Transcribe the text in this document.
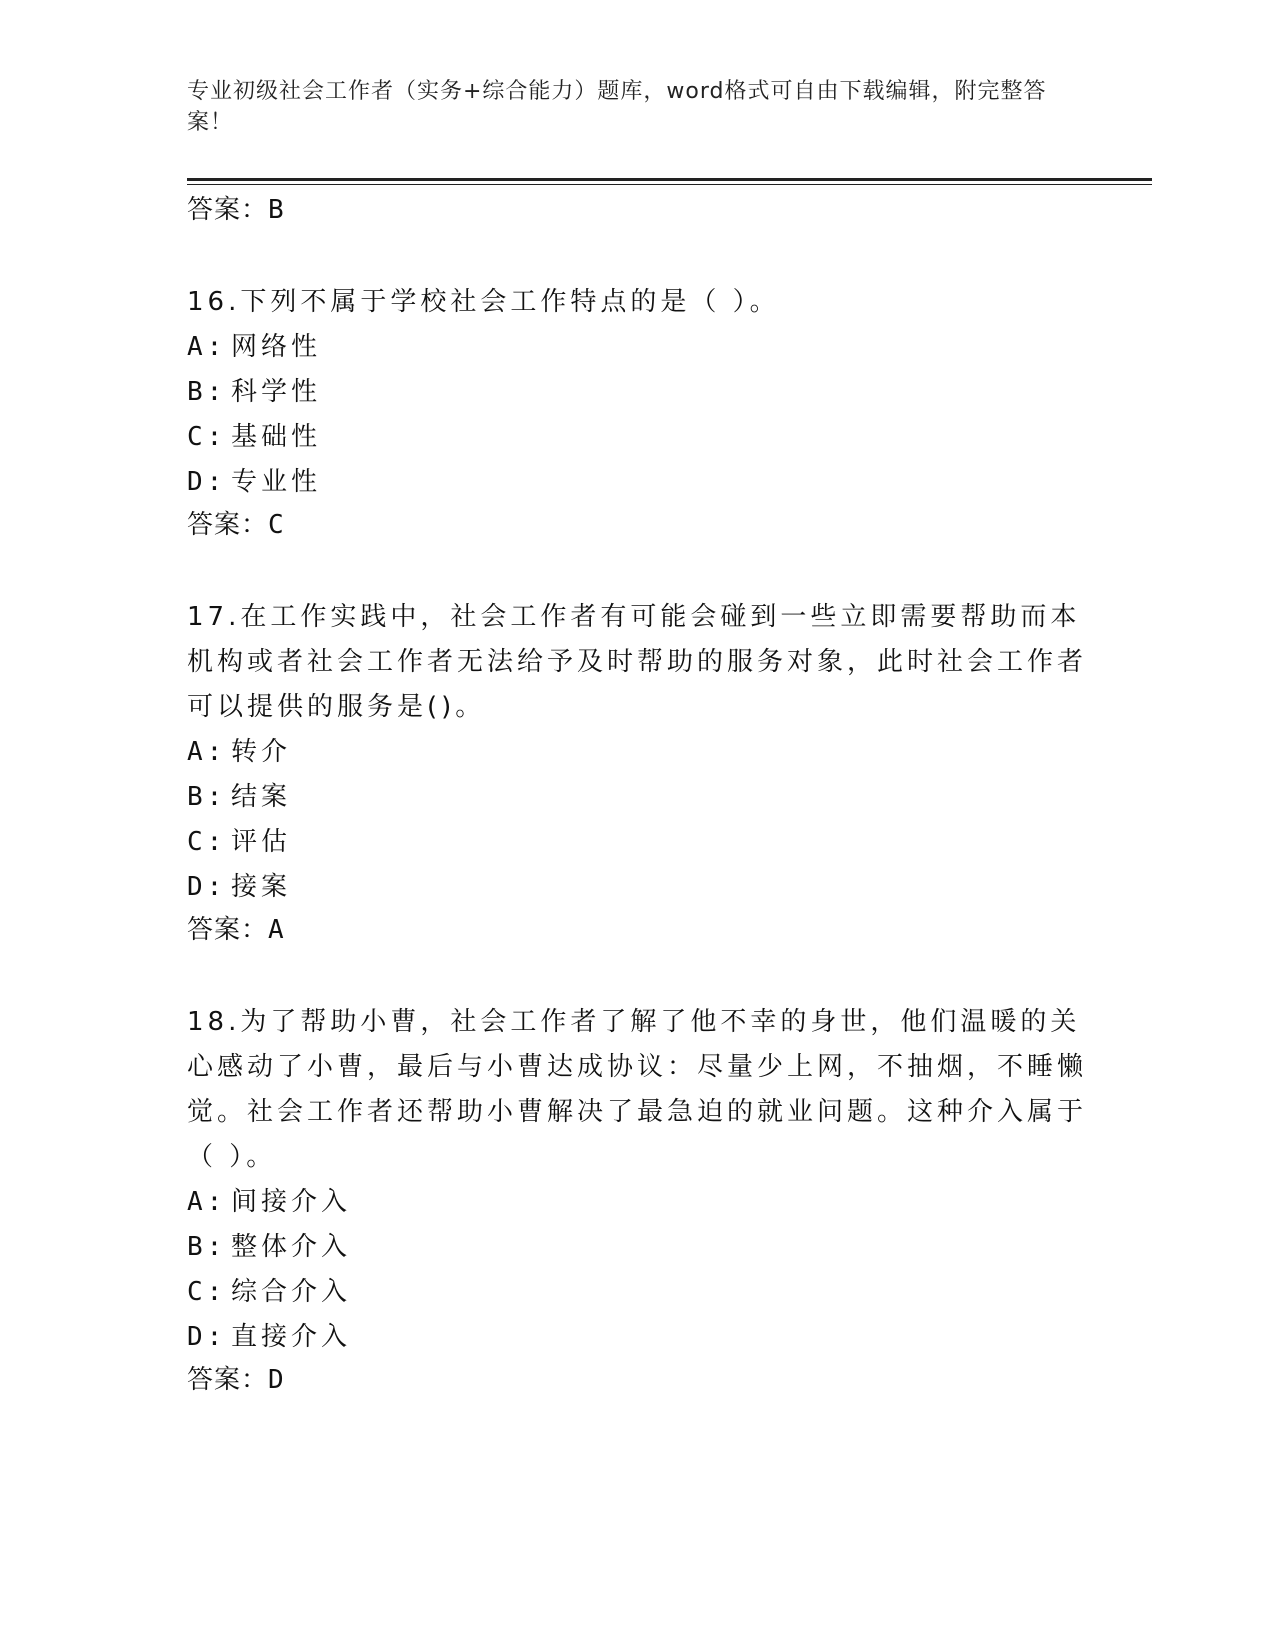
专业初级社会工作者（实务+综合能力）题库，word格式可自由下载编辑，附完整答案！

答案：B

16.下列不属于学校社会工作特点的是（ ）。

A: 网络性

B: 科学性

C: 基础性

D: 专业性

答案：C

17.在工作实践中，社会工作者有可能会碰到一些立即需要帮助而本机构或者社会工作者无法给予及时帮助的服务对象，此时社会工作者可以提供的服务是()。

A: 转介

B: 结案

C: 评估

D: 接案

答案：A

18.为了帮助小曹，社会工作者了解了他不幸的身世，他们温暖的关心感动了小曹，最后与小曹达成协议：尽量少上网，不抽烟，不睡懒觉。社会工作者还帮助小曹解决了最急迫的就业问题。这种介入属于（ ）。

A: 间接介入

B: 整体介入

C: 综合介入

D: 直接介入

答案：D
